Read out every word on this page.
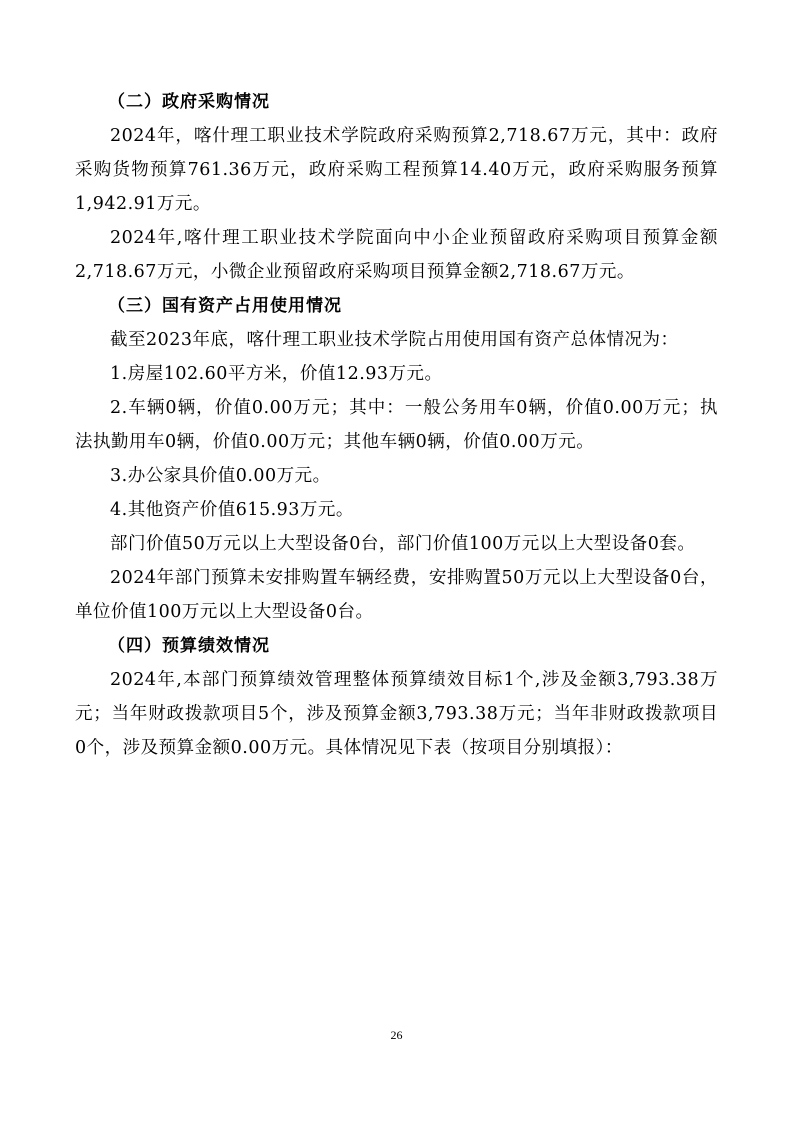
（二）政府采购情况

2024年，喀什理工职业技术学院政府采购预算2,718.67万元，其中：政府采购货物预算761.36万元，政府采购工程预算14.40万元，政府采购服务预算1,942.91万元。

2024年,喀什理工职业技术学院面向中小企业预留政府采购项目预算金额2,718.67万元，小微企业预留政府采购项目预算金额2,718.67万元。

（三）国有资产占用使用情况

截至2023年底，喀什理工职业技术学院占用使用国有资产总体情况为：

1.房屋102.60平方米，价值12.93万元。

2.车辆0辆，价值0.00万元；其中：一般公务用车0辆，价值0.00万元；执法执勤用车0辆，价值0.00万元；其他车辆0辆，价值0.00万元。

3.办公家具价值0.00万元。

4.其他资产价值615.93万元。

部门价值50万元以上大型设备0台，部门价值100万元以上大型设备0套。

2024年部门预算未安排购置车辆经费，安排购置50万元以上大型设备0台，单位价值100万元以上大型设备0台。

（四）预算绩效情况

2024年,本部门预算绩效管理整体预算绩效目标1个,涉及金额3,793.38万元；当年财政拨款项目5个，涉及预算金额3,793.38万元；当年非财政拨款项目0个，涉及预算金额0.00万元。具体情况见下表（按项目分别填报）：

26
